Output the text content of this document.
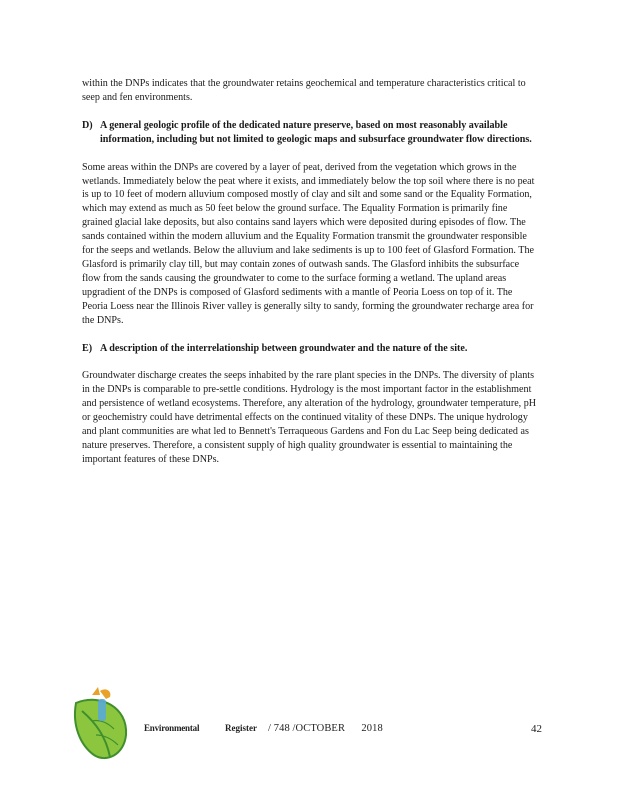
within the DNPs indicates that the groundwater retains geochemical and temperature characteristics critical to seep and fen environments.

D) A general geologic profile of the dedicated nature preserve, based on most reasonably available information, including but not limited to geologic maps and subsurface groundwater flow directions.

Some areas within the DNPs are covered by a layer of peat, derived from the vegetation which grows in the wetlands. Immediately below the peat where it exists, and immediately below the top soil where there is no peat is up to 10 feet of modern alluvium composed mostly of clay and silt and some sand or the Equality Formation, which may extend as much as 50 feet below the ground surface. The Equality Formation is primarily fine grained glacial lake deposits, but also contains sand layers which were deposited during episodes of flow. The sands contained within the modern alluvium and the Equality Formation transmit the groundwater responsible for the seeps and wetlands. Below the alluvium and lake sediments is up to 100 feet of Glasford Formation. The Glasford is primarily clay till, but may contain zones of outwash sands. The Glasford inhibits the subsurface flow from the sands causing the groundwater to come to the surface forming a wetland. The upland areas upgradient of the DNPs is composed of Glasford sediments with a mantle of Peoria Loess on top of it. The Peoria Loess near the Illinois River valley is generally silty to sandy, forming the groundwater recharge area for the DNPs.

E) A description of the interrelationship between groundwater and the nature of the site.

Groundwater discharge creates the seeps inhabited by the rare plant species in the DNPs. The diversity of plants in the DNPs is comparable to pre-settle conditions. Hydrology is the most important factor in the establishment and persistence of wetland ecosystems. Therefore, any alteration of the hydrology, groundwater temperature, pH or geochemistry could have detrimental effects on the continued vitality of these DNPs. The unique hydrology and plant communities are what led to Bennett's Terraqueous Gardens and Fon du Lac Seep being dedicated as nature preserves. Therefore, a consistent supply of high quality groundwater is essential to maintaining the important features of these DNPs.

Environmental	Register / 748 /OCTOBER      2018	42
